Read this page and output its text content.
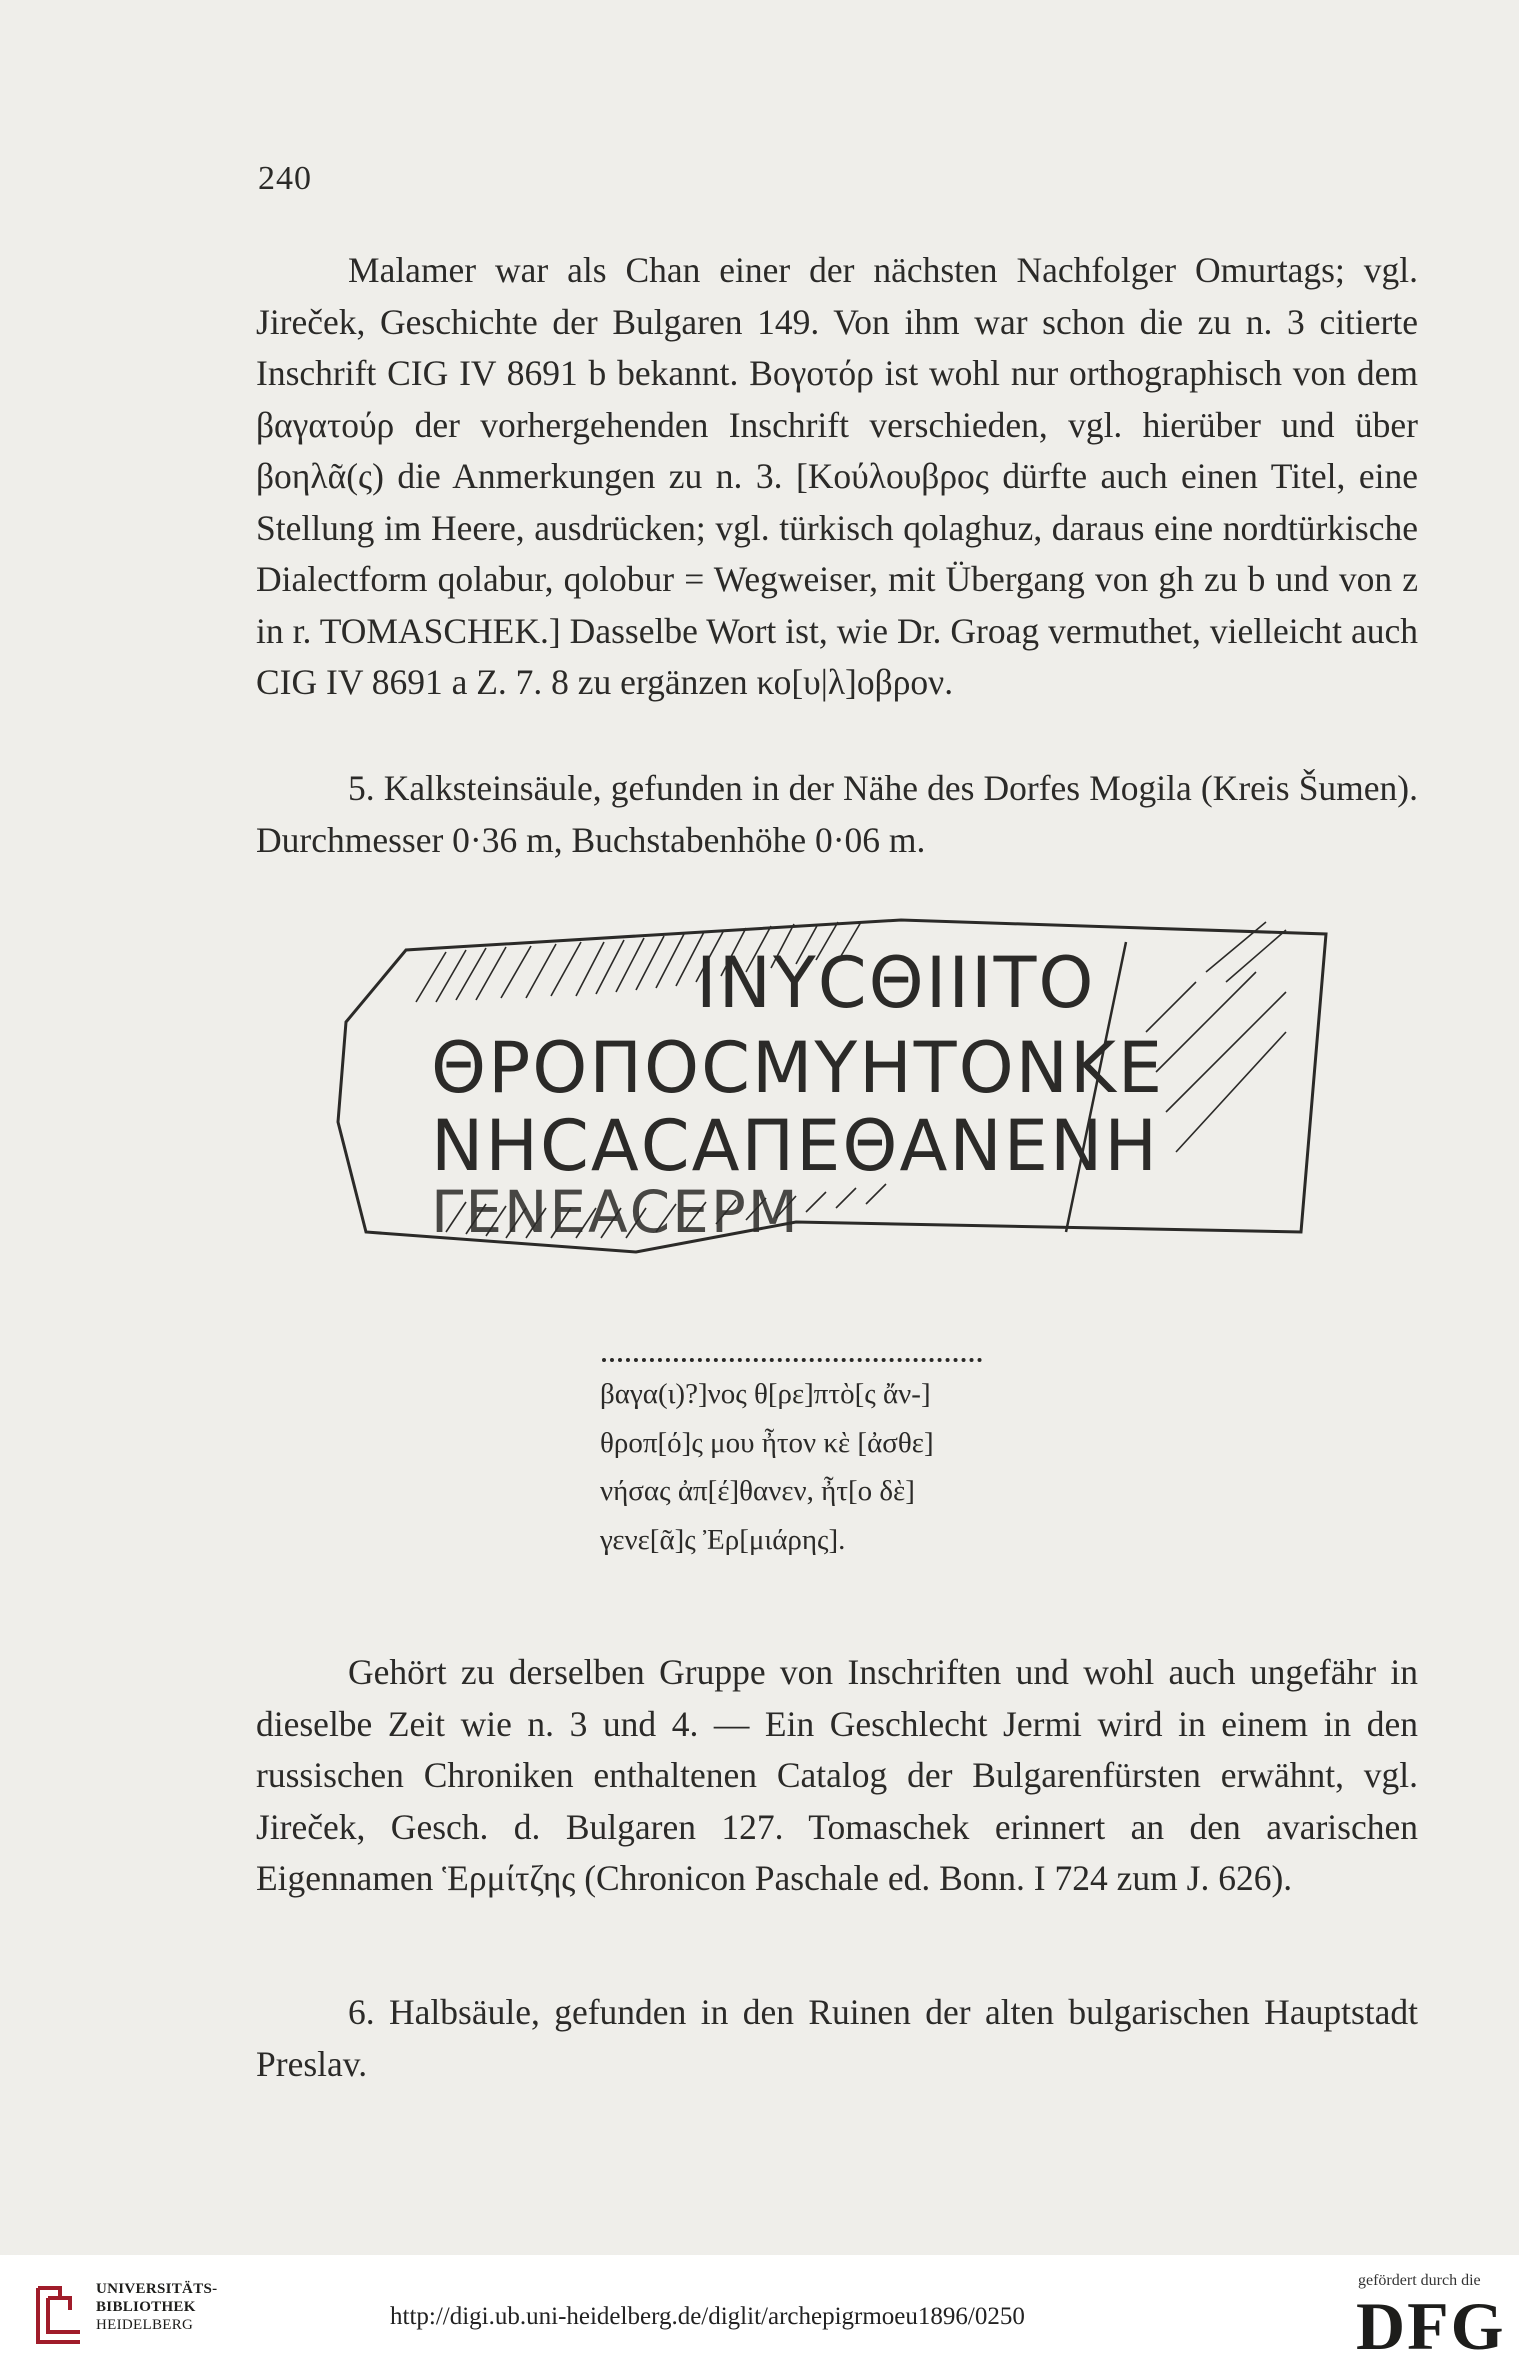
240

Malamer war als Chan einer der nächsten Nachfolger Omurtags; vgl. Jireček, Geschichte der Bulgaren 149. Von ihm war schon die zu n. 3 citierte Inschrift CIG IV 8691 b bekannt. Βογοτόρ ist wohl nur orthographisch von dem βαγατούρ der vorhergehenden Inschrift verschieden, vgl. hierüber und über βοηλᾶ(ς) die Anmerkungen zu n. 3. [Κούλουβρος dürfte auch einen Titel, eine Stellung im Heere, ausdrücken; vgl. türkisch qolaghuz, daraus eine nordtürkische Dialectform qolabur, qolobur = Wegweiser, mit Übergang von gh zu b und von z in r. TOMASCHEK.] Dasselbe Wort ist, wie Dr. Groag vermuthet, vielleicht auch CIG IV 8691 a Z. 7. 8 zu ergänzen κο[υ|λ]οβρον.

5. Kalksteinsäule, gefunden in der Nähe des Dorfes Mogila (Kreis Šumen). Durchmesser 0·36 m, Buchstabenhöhe 0·06 m.

ΙΝΥϹΘΙΙΙΤΟ
ΘΡΟΠΟϹΜΥΗΤΟΝΚΕ
ΝΗϹΑϹΑΠΕΘΑΝΕΝΗ
ΓΕΝΕΑϹΕΡΜ
βαγα(ι)?]νος θ[ρε]πτὸ[ς ἄν-]
θροπ[ό]ς μου ἦτον κὲ [ἀσθε]
νήσας ἀπ[έ]θανεν, ἦτ[ο δὲ]
γενε[ᾶ]ς Ἐρ[μιάρης].

Gehört zu derselben Gruppe von Inschriften und wohl auch ungefähr in dieselbe Zeit wie n. 3 und 4. — Ein Geschlecht Jermi wird in einem in den russischen Chroniken enthaltenen Catalog der Bulgarenfürsten erwähnt, vgl. Jireček, Gesch. d. Bulgaren 127. Tomaschek erinnert an den avarischen Eigennamen Ἑρμίτζης (Chronicon Paschale ed. Bonn. I 724 zum J. 626).

6. Halbsäule, gefunden in den Ruinen der alten bulgarischen Hauptstadt Preslav.

UNIVERSITÄTS-
BIBLIOTHEK
HEIDELBERG	http://digi.ub.uni-heidelberg.de/diglit/archepigrmoeu1896/0250
gefördert durch die
DFG
